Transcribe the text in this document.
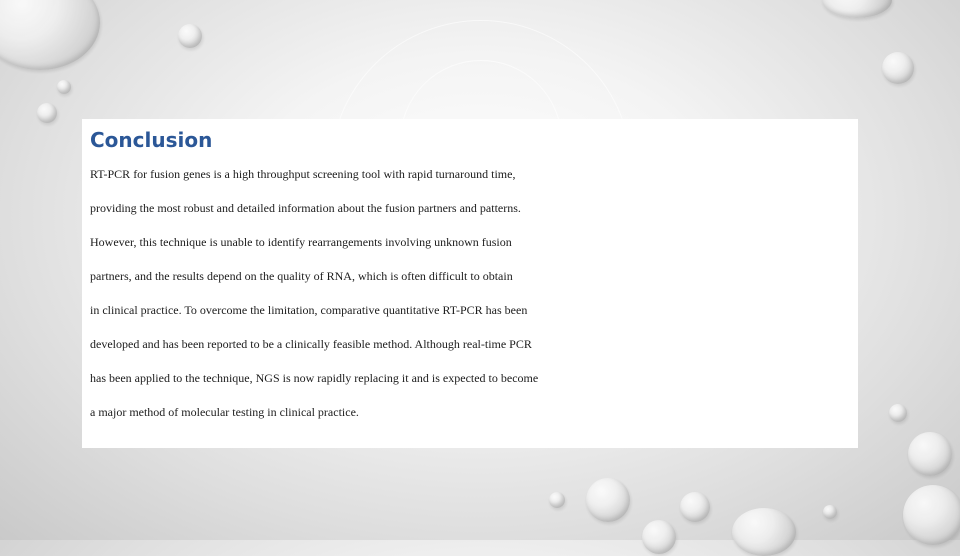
Conclusion
RT-PCR for fusion genes is a high throughput screening tool with rapid turnaround time,
providing the most robust and detailed information about the fusion partners and patterns.
However, this technique is unable to identify rearrangements involving unknown fusion
partners, and the results depend on the quality of RNA, which is often difficult to obtain
in clinical practice. To overcome the limitation, comparative quantitative RT-PCR has been
developed and has been reported to be a clinically feasible method. Although real-time PCR
has been applied to the technique, NGS is now rapidly replacing it and is expected to become
a major method of molecular testing in clinical practice.
